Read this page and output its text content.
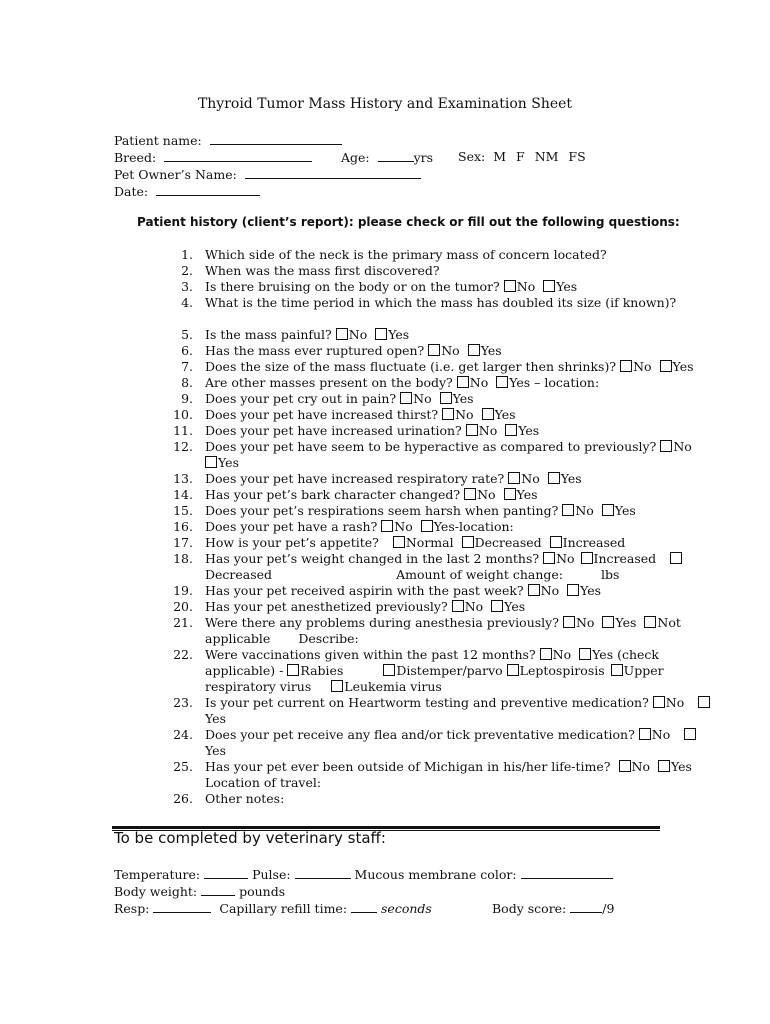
Thyroid Tumor Mass History and Examination Sheet
Patient name:
Breed:	Age:	yrs Sex: M F NM FS
Pet Owner’s Name:
Date:
Patient history (client’s report): please check or fill out the following questions:
1.
2.
3.
4.
5.
6.
7.
8.
9.
10.
11.
12.
13.
14.
15.
16.
17.
18.
19.
20.
21.
22.
23.
24.
25.
26.
Which side of the neck is the primary mass of concern located?
When was the mass first discovered?
Is there bruising on the body or on the tumor? No Yes
What is the time period in which the mass has doubled its size (if known)?
Is the mass painful? No Yes
Has the mass ever ruptured open? No Yes
Does the size of the mass fluctuate (i.e. get larger then shrinks)? No Yes
Are other masses present on the body? No Yes – location:
Does your pet cry out in pain? No Yes
Does your pet have increased thirst? No Yes
Does your pet have increased urination? No Yes
Does your pet have seem to be hyperactive as compared to previously? No
Yes
Does your pet have increased respiratory rate? No Yes
Has your pet’s bark character changed? No Yes
Does your pet’s respirations seem harsh when panting? No Yes
Does your pet have a rash? No Yes-location:
How is your pet’s appetite? Normal Decreased Increased
Has your pet’s weight changed in the last 2 months? No Increased
Decreased	Amount of weight change:	lbs
Has your pet received aspirin with the past week? No Yes
Has your pet anesthetized previously? No Yes
Were there any problems during anesthesia previously? No Yes Not
applicable Describe:
Were vaccinations given within the past 12 months? No Yes (check
applicable) - Rabies	Distemper/parvo Leptospirosis Upper
respiratory virus	Leukemia virus
Is your pet current on Heartworm testing and preventive medication? No
Yes
Does your pet receive any flea and/or tick preventative medication? No
Yes
Has your pet ever been outside of Michigan in his/her life-time? No Yes
Location of travel:
Other notes:
To be completed by veterinary staff:
Temperature:	Pulse:	Mucous membrane color:
Body weight:	pounds
Resp:	Capillary refill time:	seconds	Body score:	/9
